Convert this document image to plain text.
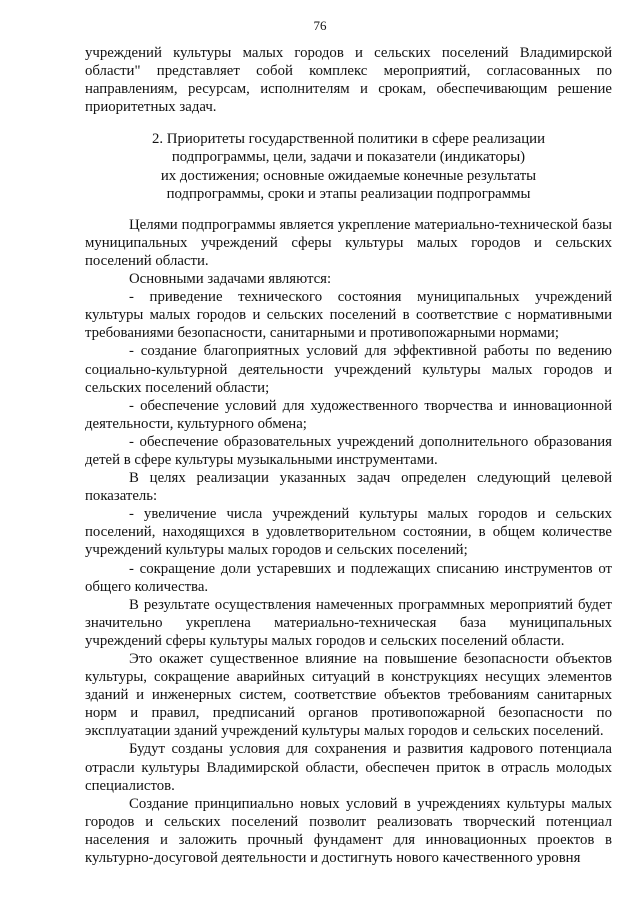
76

учреждений культуры малых городов и сельских поселений Владимирской области" представляет собой комплекс мероприятий, согласованных по направлениям, ресурсам, исполнителям и срокам, обеспечивающим решение приоритетных задач.

2. Приоритеты государственной политики в сфере реализации
подпрограммы, цели, задачи и показатели (индикаторы)
их достижения; основные ожидаемые конечные результаты
подпрограммы, сроки и этапы реализации подпрограммы

Целями подпрограммы является укрепление материально-технической базы муниципальных учреждений сферы культуры малых городов и сельских поселений области.

Основными задачами являются:

- приведение технического состояния муниципальных учреждений культуры малых городов и сельских поселений в соответствие с нормативными требованиями безопасности, санитарными и противопожарными нормами;

- создание благоприятных условий для эффективной работы по ведению социально-культурной деятельности учреждений культуры малых городов и сельских поселений области;

- обеспечение условий для художественного творчества и инновационной деятельности, культурного обмена;

- обеспечение образовательных учреждений дополнительного образования детей в сфере культуры музыкальными инструментами.

В целях реализации указанных задач определен следующий целевой показатель:

- увеличение числа учреждений культуры малых городов и сельских поселений, находящихся в удовлетворительном состоянии, в общем количестве учреждений культуры малых городов и сельских поселений;

- сокращение доли устаревших и подлежащих списанию инструментов от общего количества.

В результате осуществления намеченных программных мероприятий будет значительно укреплена материально-техническая база муниципальных учреждений сферы культуры малых городов и сельских поселений области.

Это окажет существенное влияние на повышение безопасности объектов культуры, сокращение аварийных ситуаций в конструкциях несущих элементов зданий и инженерных систем, соответствие объектов требованиям санитарных норм и правил, предписаний органов противопожарной безопасности по эксплуатации зданий учреждений культуры малых городов и сельских поселений.

Будут созданы условия для сохранения и развития кадрового потенциала отрасли культуры Владимирской области, обеспечен приток в отрасль молодых специалистов.

Создание принципиально новых условий в учреждениях культуры малых городов и сельских поселений позволит реализовать творческий потенциал населения и заложить прочный фундамент для инновационных проектов в культурно-досуговой деятельности и достигнуть нового качественного уровня
